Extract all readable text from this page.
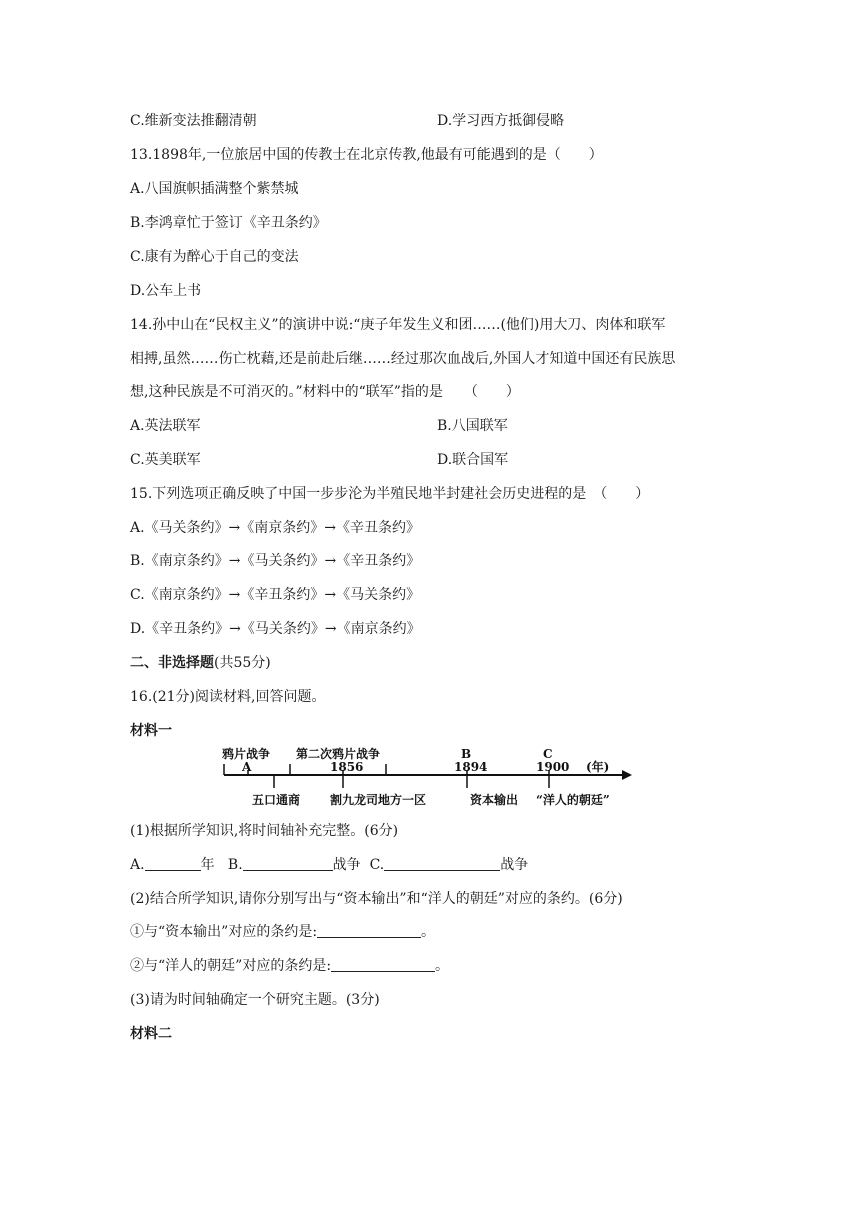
C.维新变法推翻清朝	D.学习西方抵御侵略
13.1898年,一位旅居中国的传教士在北京传教,他最有可能遇到的是（　　）
A.八国旗帜插满整个紫禁城
B.李鸿章忙于签订《辛丑条约》
C.康有为醉心于自己的变法
D.公车上书
14.孙中山在“民权主义”的演讲中说:“庚子年发生义和团……(他们)用大刀、肉体和联军
相搏,虽然……伤亡枕藉,还是前赴后继……经过那次血战后,外国人才知道中国还有民族思
想,这种民族是不可消灭的。”材料中的“联军”指的是　　（　　）
A.英法联军	B.八国联军
C.英美联军	D.联合国军
15.下列选项正确反映了中国一步步沦为半殖民地半封建社会历史进程的是　（　　）
A.《马关条约》→《南京条约》→《辛丑条约》
B.《南京条约》→《马关条约》→《辛丑条约》
C.《南京条约》→《辛丑条约》→《马关条约》
D.《辛丑条约》→《马关条约》→《南京条约》
二、非选择题(共55分)
16.(21分)阅读材料,回答问题。
材料一
鸦片战争 第二次鸦片战争
1856
B
1894
C
1900 (年)
A
五口通商 割九龙司地方一区	资本输出 “洋人的朝廷”
(1)根据所学知识,将时间轴补充完整。(6分)
A.	年 B.	战争 C.	战争
(2)结合所学知识,请你分别写出与“资本输出”和“洋人的朝廷”对应的条约。(6分)
①与“资本输出”对应的条约是:	。
②与“洋人的朝廷”对应的条约是:	。
(3)请为时间轴确定一个研究主题。(3分)
材料二
